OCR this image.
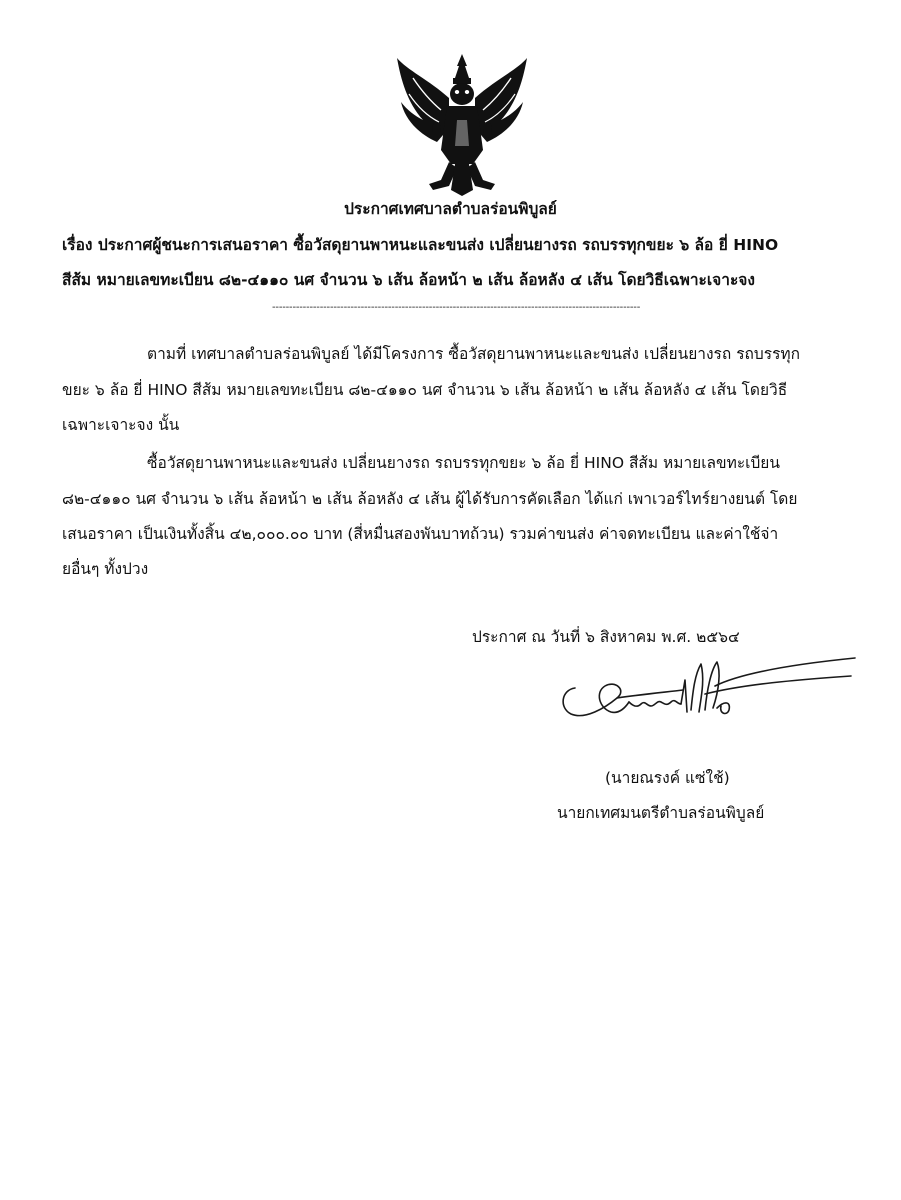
ประกาศเทศบาลตำบลร่อนพิบูลย์
เรื่อง ประกาศผู้ชนะการเสนอราคา ซื้อวัสดุยานพาหนะและขนส่ง เปลี่ยนยางรถ รถบรรทุกขยะ ๖ ล้อ ยี่ HINO
สีส้ม หมายเลขทะเบียน ๘๒-๔๑๑๐ นศ จำนวน ๖ เส้น ล้อหน้า ๒ เส้น ล้อหลัง ๔ เส้น โดยวิธีเฉพาะเจาะจง
------------------------------------------------------------------------------------------------------------
ตามที่ เทศบาลตำบลร่อนพิบูลย์ ได้มีโครงการ ซื้อวัสดุยานพาหนะและขนส่ง เปลี่ยนยางรถ รถบรรทุก
ขยะ ๖ ล้อ ยี่ HINO สีส้ม หมายเลขทะเบียน ๘๒-๔๑๑๐ นศ จำนวน ๖ เส้น ล้อหน้า ๒ เส้น ล้อหลัง ๔ เส้น โดยวิธี
เฉพาะเจาะจง นั้น
ซื้อวัสดุยานพาหนะและขนส่ง เปลี่ยนยางรถ รถบรรทุกขยะ ๖ ล้อ ยี่ HINO สีส้ม หมายเลขทะเบียน
๘๒-๔๑๑๐ นศ จำนวน ๖ เส้น ล้อหน้า ๒ เส้น ล้อหลัง ๔ เส้น ผู้ได้รับการคัดเลือก ได้แก่ เพาเวอร์ไทร์ยางยนต์ โดย
เสนอราคา เป็นเงินทั้งสิ้น ๔๒,๐๐๐.๐๐ บาท (สี่หมื่นสองพันบาทถ้วน) รวมค่าขนส่ง ค่าจดทะเบียน และค่าใช้จ่า
ยอื่นๆ ทั้งปวง
ประกาศ ณ วันที่ ๖ สิงหาคม พ.ศ. ๒๕๖๔
(นายณรงค์ แซ่ใช้)
นายกเทศมนตรีตำบลร่อนพิบูลย์
